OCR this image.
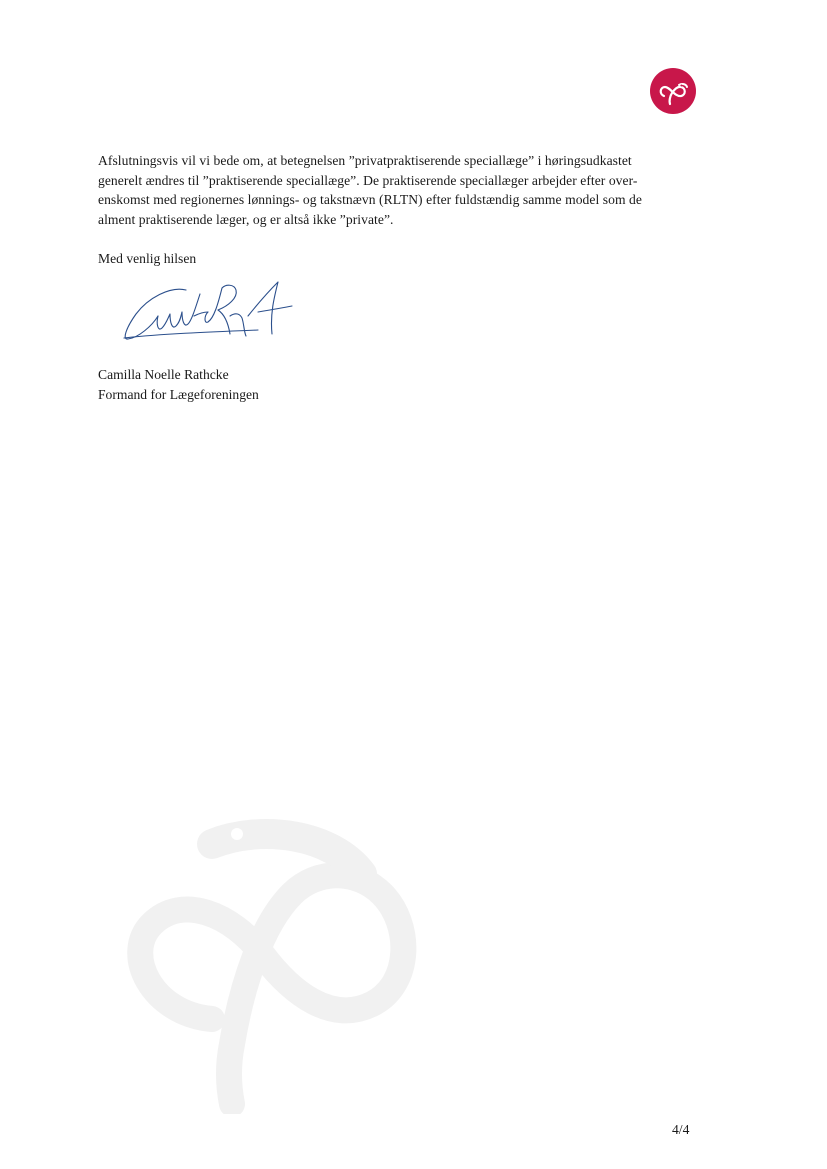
Afslutningsvis vil vi bede om, at betegnelsen ”privatpraktiserende speciallæge” i høringsudkastet
generelt ændres til ”praktiserende speciallæge”. De praktiserende speciallæger arbejder efter over-
enskomst med regionernes lønnings- og takstnævn (RLTN) efter fuldstændig samme model som de
alment praktiserende læger, og er altså ikke ”private”.

Med venlig hilsen

Camilla Noelle Rathcke
Formand for Lægeforeningen

4/4
